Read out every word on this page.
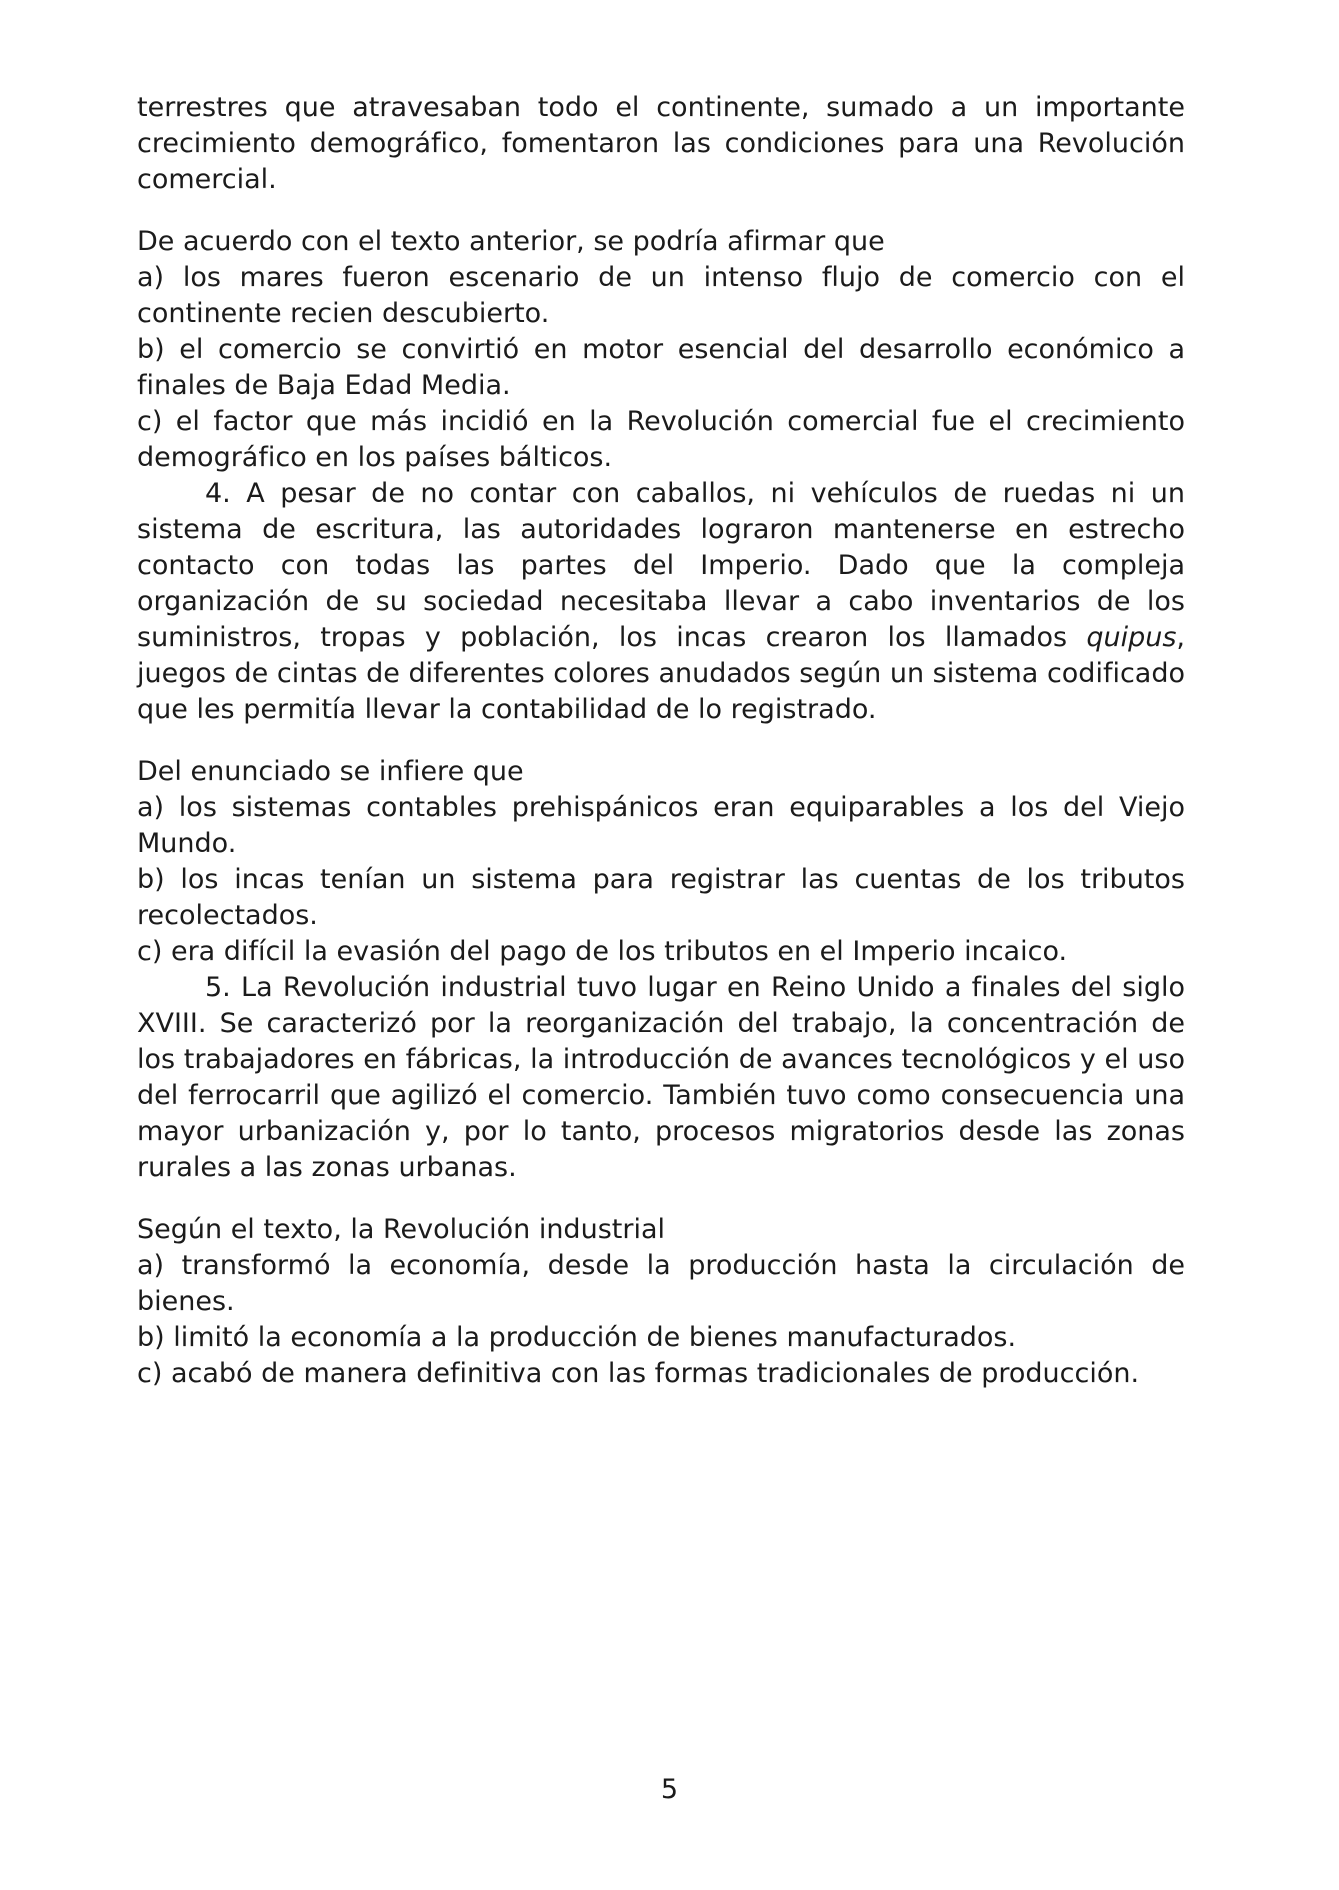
terrestres que atravesaban todo el continente, sumado a un importante crecimiento demográfico, fomentaron las condiciones para una Revolución comercial.

De acuerdo con el texto anterior, se podría afirmar que

a) los mares fueron escenario de un intenso flujo de comercio con el continente recien descubierto.

b) el comercio se convirtió en motor esencial del desarrollo económico a finales de Baja Edad Media.

c) el factor que más incidió en la Revolución comercial fue el crecimiento demográfico en los países bálticos.

4. A pesar de no contar con caballos, ni vehículos de ruedas ni un sistema de escritura, las autoridades lograron mantenerse en estrecho contacto con todas las partes del Imperio. Dado que la compleja organización de su sociedad necesitaba llevar a cabo inventarios de los suministros, tropas y población, los incas crearon los llamados quipus, juegos de cintas de diferentes colores anudados según un sistema codificado que les permitía llevar la contabilidad de lo registrado.

Del enunciado se infiere que

a) los sistemas contables prehispánicos eran equiparables a los del Viejo Mundo.

b) los incas tenían un sistema para registrar las cuentas de los tributos recolectados.

c) era difícil la evasión del pago de los tributos en el Imperio incaico.

5. La Revolución industrial tuvo lugar en Reino Unido a finales del siglo XVIII. Se caracterizó por la reorganización del trabajo, la concentración de los trabajadores en fábricas, la introducción de avances tecnológicos y el uso del ferrocarril que agilizó el comercio. También tuvo como consecuencia una mayor urbanización y, por lo tanto, procesos migratorios desde las zonas rurales a las zonas urbanas.

Según el texto, la Revolución industrial

a) transformó la economía, desde la producción hasta la circulación de bienes.

b) limitó la economía a la producción de bienes manufacturados.

c) acabó de manera definitiva con las formas tradicionales de producción.

5
